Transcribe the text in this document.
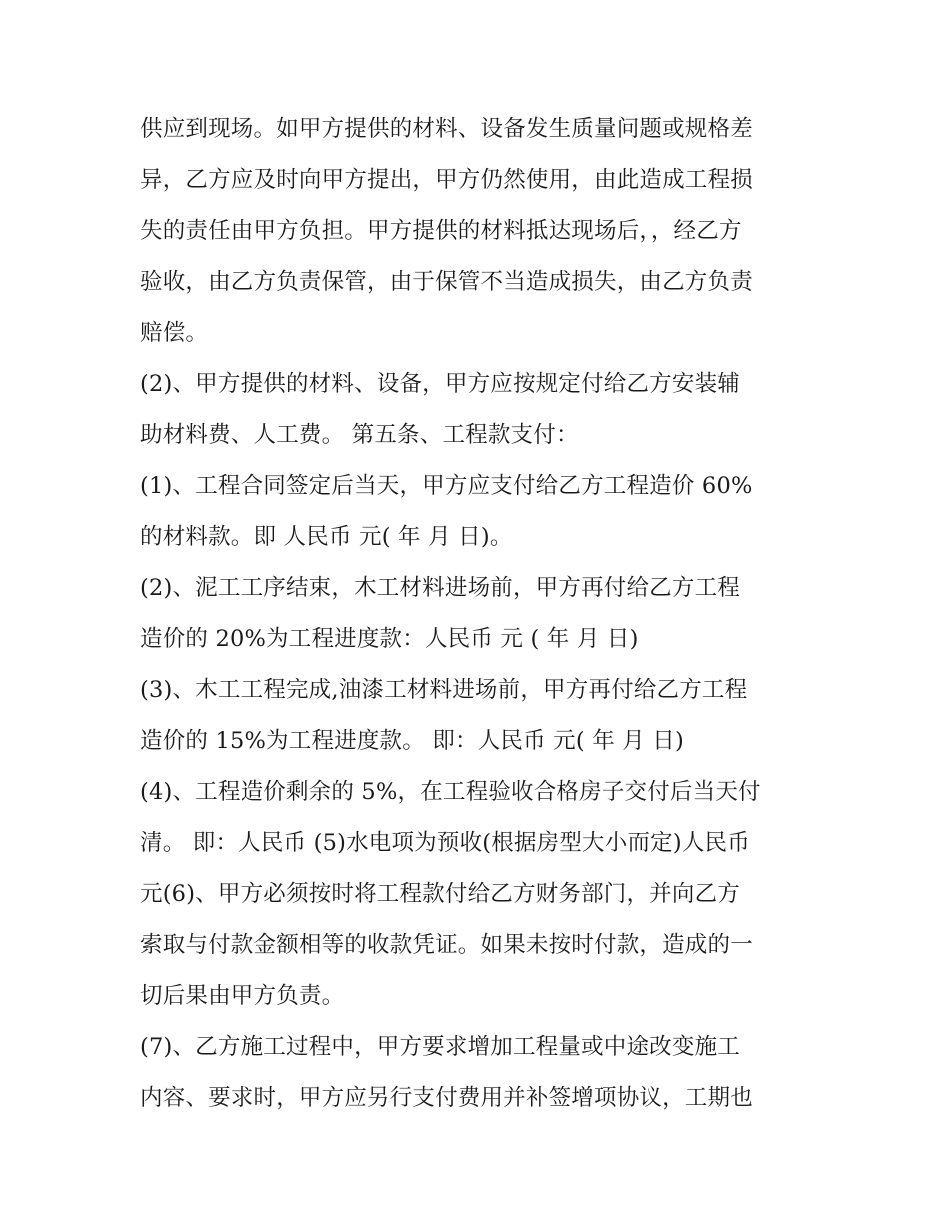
供应到现场。如甲方提供的材料、设备发生质量问题或规格差
异，乙方应及时向甲方提出，甲方仍然使用，由此造成工程损
失的责任由甲方负担。甲方提供的材料抵达现场后，，经乙方
验收，由乙方负责保管，由于保管不当造成损失，由乙方负责
赔偿。
(2)、甲方提供的材料、设备，甲方应按规定付给乙方安装辅
助材料费、人工费。 第五条、工程款支付：
(1)、工程合同签定后当天，甲方应支付给乙方工程造价 60%
的材料款。即 人民币 元( 年 月 日)。
(2)、泥工工序结束，木工材料进场前，甲方再付给乙方工程
造价的 20%为工程进度款：人民币 元 ( 年 月 日)
(3)、木工工程完成,油漆工材料进场前，甲方再付给乙方工程
造价的 15%为工程进度款。 即：人民币 元( 年 月 日)
(4)、工程造价剩余的 5%，在工程验收合格房子交付后当天付
清。 即：人民币 (5)水电项为预收(根据房型大小而定)人民币
元(6)、甲方必须按时将工程款付给乙方财务部门，并向乙方
索取与付款金额相等的收款凭证。如果未按时付款，造成的一
切后果由甲方负责。
(7)、乙方施工过程中，甲方要求增加工程量或中途改变施工
内容、要求时，甲方应另行支付费用并补签增项协议，工期也
